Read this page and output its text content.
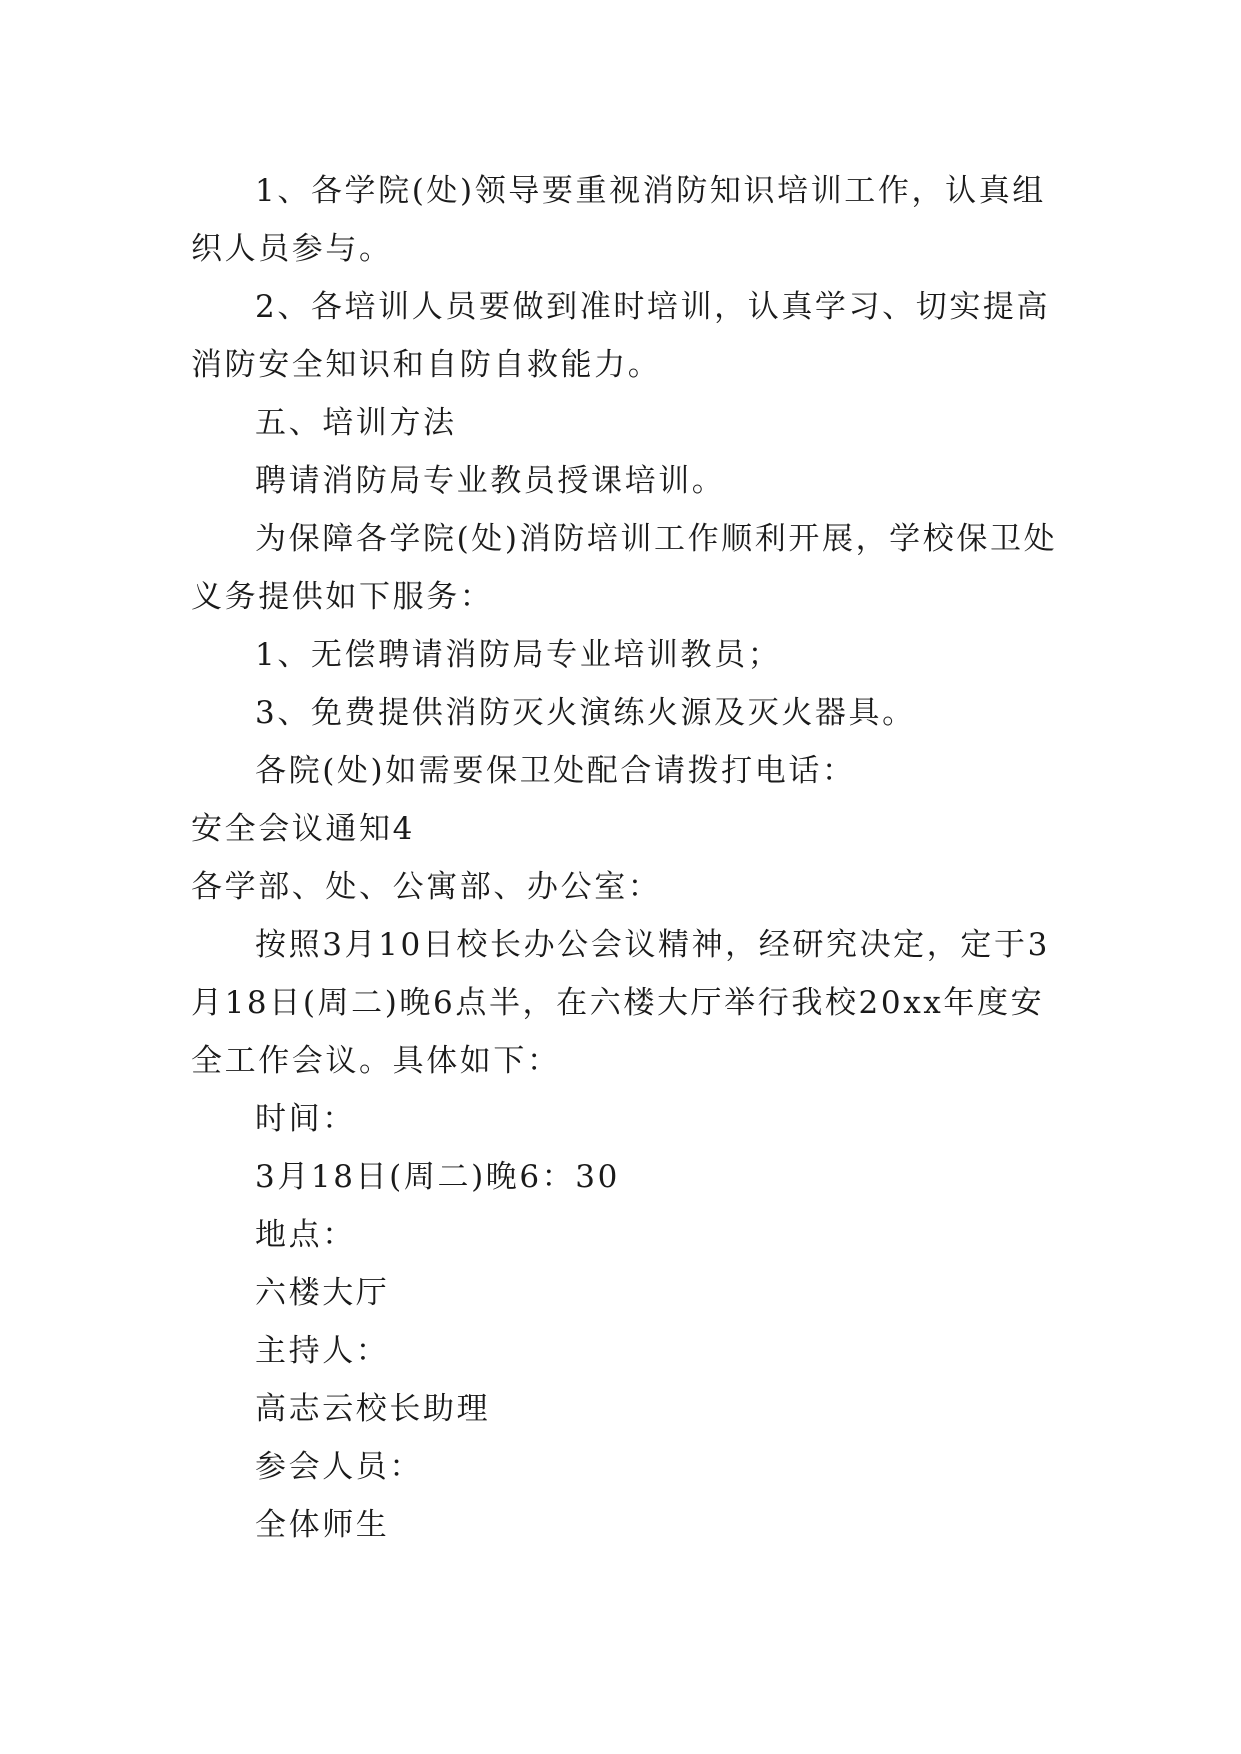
1、各学院(处)领导要重视消防知识培训工作，认真组
织人员参与。
2、各培训人员要做到准时培训，认真学习、切实提高
消防安全知识和自防自救能力。
五、培训方法
聘请消防局专业教员授课培训。
为保障各学院(处)消防培训工作顺利开展，学校保卫处
义务提供如下服务：
1、无偿聘请消防局专业培训教员；
3、免费提供消防灭火演练火源及灭火器具。
各院(处)如需要保卫处配合请拨打电话：
安全会议通知4
各学部、处、公寓部、办公室：
按照3月10日校长办公会议精神，经研究决定，定于3
月18日(周二)晚6点半，在六楼大厅举行我校20xx年度安
全工作会议。具体如下：
时间：
3月18日(周二)晚6：30
地点：
六楼大厅
主持人：
高志云校长助理
参会人员：
全体师生
